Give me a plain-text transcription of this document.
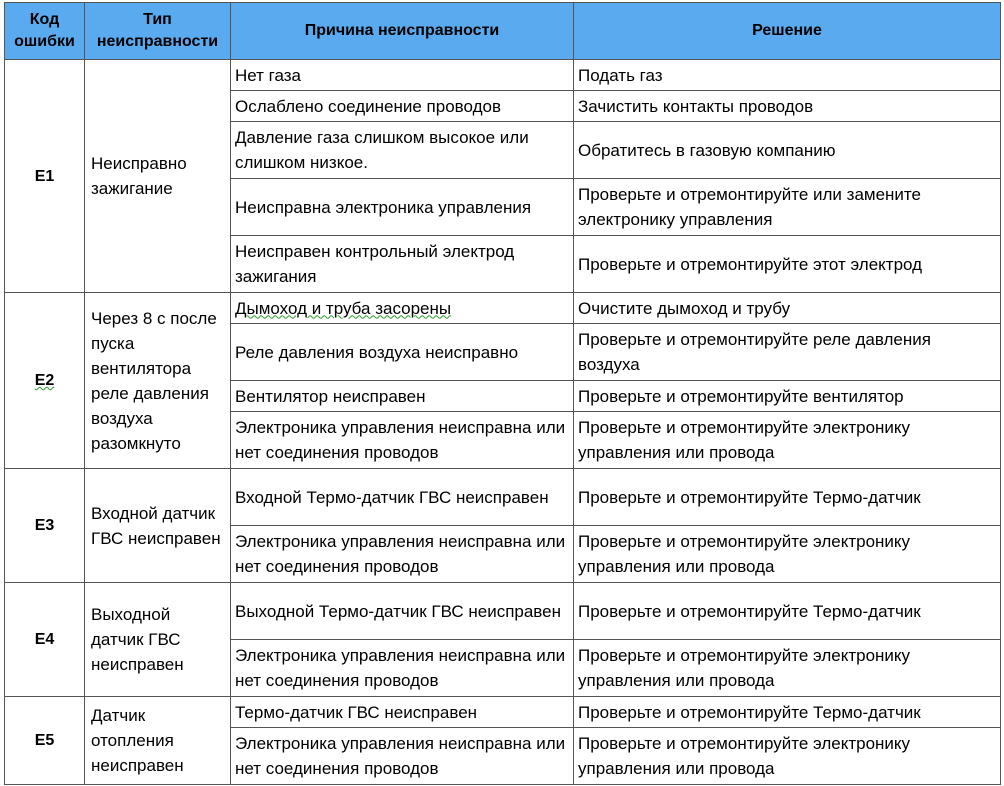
Код ошибки	Тип неисправности	Причина неисправности	Решение
E1	Неисправно зажигание	Нет газа	Подать газ
		Ослаблено соединение проводов	Зачистить контакты проводов
		Давление газа слишком высокое или слишком низкое.	Обратитесь в газовую компанию
		Неисправна электроника управления	Проверьте и отремонтируйте или замените электронику управления
		Неисправен контрольный электрод зажигания	Проверьте и отремонтируйте этот электрод
E2	Через 8 с после пуска вентилятора реле давления воздуха разомкнуто	Дымоход и труба засорены	Очистите дымоход и трубу
		Реле давления воздуха неисправно	Проверьте и отремонтируйте реле давления воздуха
		Вентилятор неисправен	Проверьте и отремонтируйте вентилятор
		Электроника управления неисправна или нет соединения проводов	Проверьте и отремонтируйте электронику управления или провода
E3	Входной датчик ГВС неисправен	Входной Термо-датчик ГВС неисправен	Проверьте и отремонтируйте Термо-датчик
		Электроника управления неисправна или нет соединения проводов	Проверьте и отремонтируйте электронику управления или провода
E4	Выходной датчик ГВС неисправен	Выходной Термо-датчик ГВС неисправен	Проверьте и отремонтируйте Термо-датчик
		Электроника управления неисправна или нет соединения проводов	Проверьте и отремонтируйте электронику управления или провода
E5	Датчик отопления неисправен	Термо-датчик ГВС неисправен	Проверьте и отремонтируйте Термо-датчик
		Электроника управления неисправна или нет соединения проводов	Проверьте и отремонтируйте электронику управления или провода
